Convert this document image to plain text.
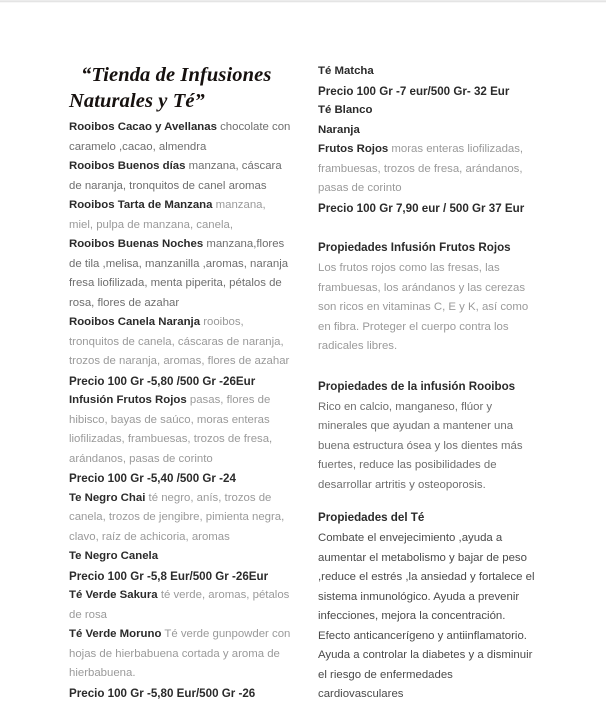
“Tienda de Infusiones
Naturales y Té”

Rooibos Cacao y Avellanas chocolate con caramelo ,cacao, almendra

Rooibos Buenos días manzana, cáscara de naranja, tronquitos de canel aromas

Rooibos Tarta de Manzana manzana, miel, pulpa de manzana, canela,

Rooibos Buenas Noches manzana,flores de tila ,melisa, manzanilla ,aromas, naranja fresa liofilizada, menta piperita, pétalos de rosa, flores de azahar

Rooibos Canela Naranja rooibos, tronquitos de canela, cáscaras de naranja, trozos de naranja, aromas, flores de azahar

Precio 100 Gr -5,80 /500 Gr -26Eur

Infusión Frutos Rojos pasas, flores de hibisco, bayas de saúco, moras enteras liofilizadas, frambuesas, trozos de fresa, arándanos, pasas de corinto

Precio 100 Gr -5,40 /500 Gr -24

Te Negro Chai té negro, anís, trozos de canela, trozos de jengibre, pimienta negra, clavo, raíz de achicoria, aromas

Te Negro Canela

Precio 100 Gr -5,8 Eur/500 Gr -26Eur

Té Verde Sakura té verde, aromas, pétalos de rosa

Té Verde Moruno Té verde gunpowder con hojas de hierbabuena cortada y aroma de hierbabuena.

Precio 100 Gr -5,80 Eur/500 Gr -26

Té Matcha

Precio 100 Gr -7 eur/500 Gr- 32 Eur

Té Blanco

Naranja

Frutos Rojos moras enteras liofilizadas, frambuesas, trozos de fresa, arándanos, pasas de corinto

Precio 100 Gr 7,90 eur / 500 Gr 37 Eur

Propiedades Infusión Frutos Rojos

Los frutos rojos como las fresas, las frambuesas, los arándanos y las cerezas son ricos en vitaminas C, E y K, así como en fibra. Proteger el cuerpo contra los radicales libres.

Propiedades de la infusión Rooibos

Rico en calcio, manganeso, flúor y minerales que ayudan a mantener una buena estructura ósea y los dientes más fuertes, reduce las posibilidades de desarrollar artritis y osteoporosis.

Propiedades del Té

Combate el envejecimiento ,ayuda a aumentar el metabolismo y bajar de peso ,reduce el estrés ,la ansiedad y fortalece el sistema inmunológico. Ayuda a prevenir infecciones, mejora la concentración. Efecto anticancerígeno y antiinflamatorio. Ayuda a controlar la diabetes y a disminuir el riesgo de enfermedades cardiovasculares
